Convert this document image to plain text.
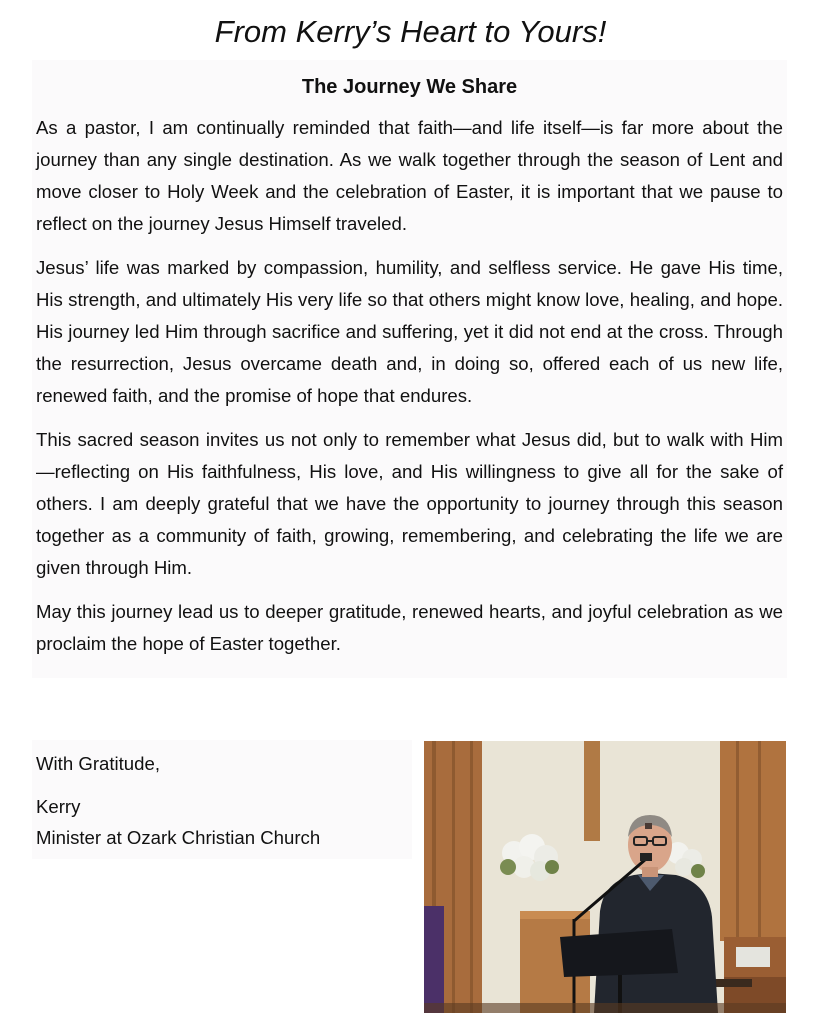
From Kerry’s Heart to Yours!
The Journey We Share

As a pastor, I am continually reminded that faith—and life itself—is far more about the journey than any single destination. As we walk together through the season of Lent and move closer to Holy Week and the celebration of Easter, it is important that we pause to reflect on the journey Jesus Himself traveled.

Jesus’ life was marked by compassion, humility, and selfless service. He gave His time, His strength, and ultimately His very life so that others might know love, healing, and hope. His journey led Him through sacrifice and suffering, yet it did not end at the cross. Through the resurrection, Jesus overcame death and, in doing so, offered each of us new life, renewed faith, and the promise of hope that endures.

This sacred season invites us not only to remember what Jesus did, but to walk with Him—reflecting on His faithfulness, His love, and His willingness to give all for the sake of others. I am deeply grateful that we have the opportunity to journey through this season together as a community of faith, growing, remembering, and celebrating the life we are given through Him.

May this journey lead us to deeper gratitude, renewed hearts, and joyful celebration as we proclaim the hope of Easter together.

With Gratitude,

Kerry

Minister at Ozark Christian Church
